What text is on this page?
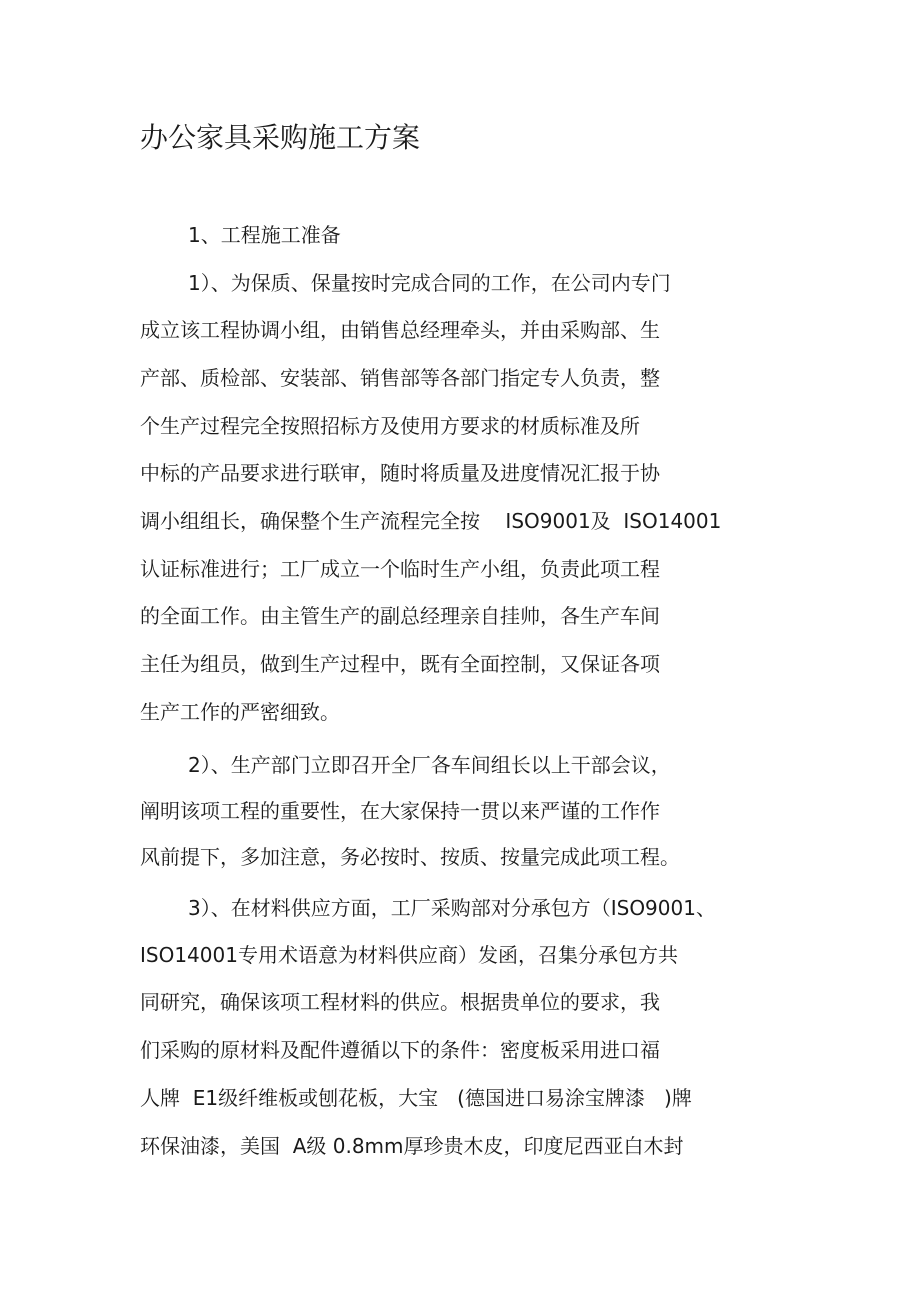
办公家具采购施工方案
1、工程施工准备
1）、为保质、保量按时完成合同的工作，在公司内专门
成立该工程协调小组，由销售总经理牵头，并由采购部、生
产部、质检部、安装部、销售部等各部门指定专人负责，整
个生产过程完全按照招标方及使用方要求的材质标准及所
中标的产品要求进行联审，随时将质量及进度情况汇报于协
调小组组长，确保整个生产流程完全按    ISO9001及  ISO14001
认证标准进行；工厂成立一个临时生产小组，负责此项工程
的全面工作。由主管生产的副总经理亲自挂帅，各生产车间
主任为组员，做到生产过程中，既有全面控制，又保证各项
生产工作的严密细致。
2）、生产部门立即召开全厂各车间组长以上干部会议，
阐明该项工程的重要性，在大家保持一贯以来严谨的工作作
风前提下，多加注意，务必按时、按质、按量完成此项工程。
3）、在材料供应方面，工厂采购部对分承包方（ISO9001、
ISO14001专用术语意为材料供应商）发函，召集分承包方共
同研究，确保该项工程材料的供应。根据贵单位的要求，我
们采购的原材料及配件遵循以下的条件：密度板采用进口福
人牌  E1级纤维板或刨花板，大宝   (德国进口易涂宝牌漆   )牌
环保油漆，美国  A级 0.8mm厚珍贵木皮，印度尼西亚白木封
